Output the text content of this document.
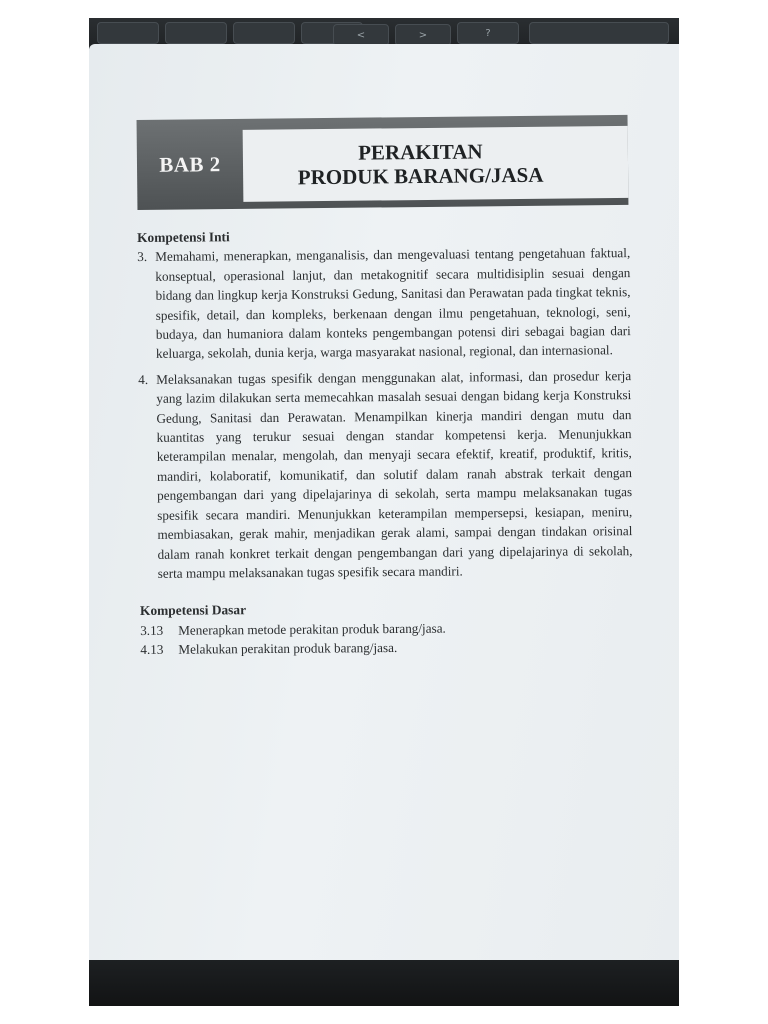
<	>	?
BAB 2	PERAKITAN
PRODUK BARANG/JASA
Kompetensi Inti
3. Memahami, menerapkan, menganalisis, dan mengevaluasi tentang pengetahuan faktual, konseptual, operasional lanjut, dan metakognitif secara multidisiplin sesuai dengan bidang dan lingkup kerja Konstruksi Gedung, Sanitasi dan Perawatan pada tingkat teknis, spesifik, detail, dan kompleks, berkenaan dengan ilmu pengetahuan, teknologi, seni, budaya, dan humaniora dalam konteks pengembangan potensi diri sebagai bagian dari keluarga, sekolah, dunia kerja, warga masyarakat nasional, regional, dan internasional.
4. Melaksanakan tugas spesifik dengan menggunakan alat, informasi, dan prosedur kerja yang lazim dilakukan serta memecahkan masalah sesuai dengan bidang kerja Konstruksi Gedung, Sanitasi dan Perawatan. Menampilkan kinerja mandiri dengan mutu dan kuantitas yang terukur sesuai dengan standar kompetensi kerja. Menunjukkan keterampilan menalar, mengolah, dan menyaji secara efektif, kreatif, produktif, kritis, mandiri, kolaboratif, komunikatif, dan solutif dalam ranah abstrak terkait dengan pengembangan dari yang dipelajarinya di sekolah, serta mampu melaksanakan tugas spesifik secara mandiri. Menunjukkan keterampilan mempersepsi, kesiapan, meniru, membiasakan, gerak mahir, menjadikan gerak alami, sampai dengan tindakan orisinal dalam ranah konkret terkait dengan pengembangan dari yang dipelajarinya di sekolah, serta mampu melaksanakan tugas spesifik secara mandiri.
Kompetensi Dasar
3.13	Menerapkan metode perakitan produk barang/jasa.
4.13	Melakukan perakitan produk barang/jasa.
